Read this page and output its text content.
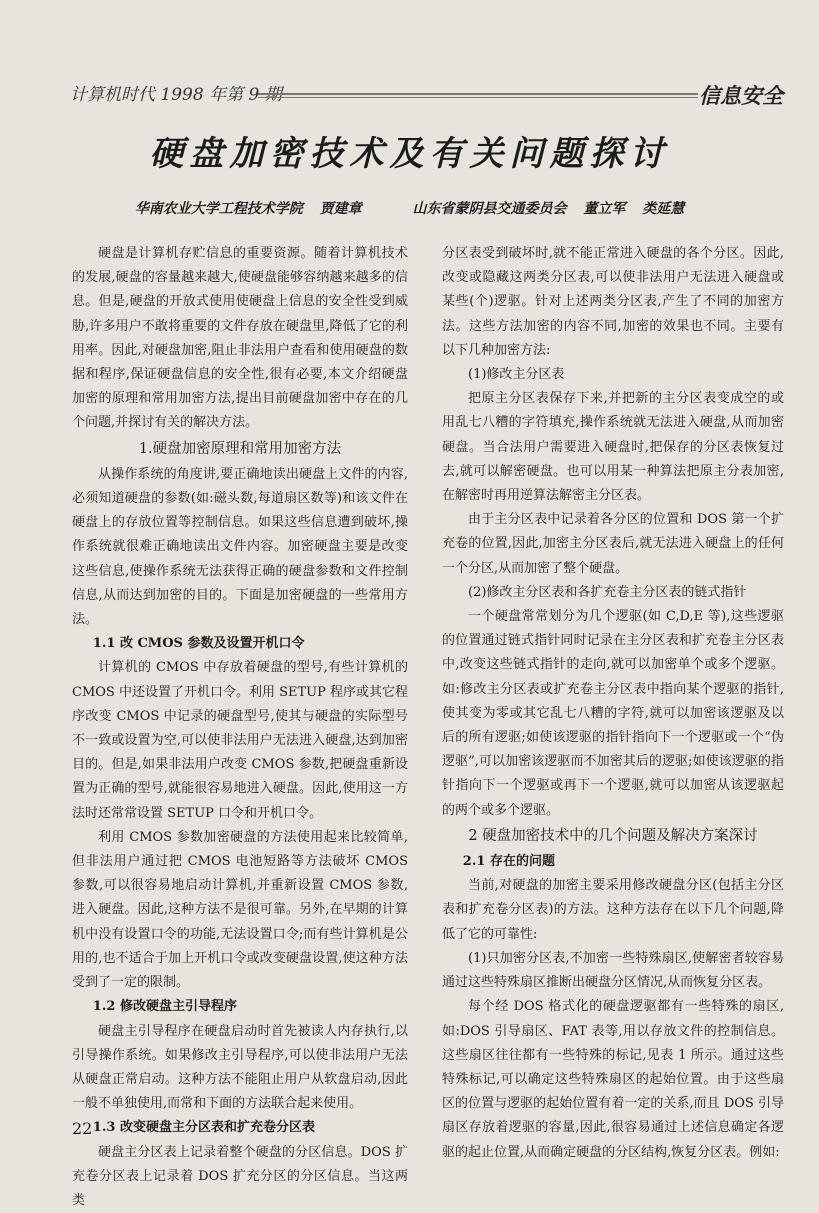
计算机时代 1998 年第 9 期	信息安全
硬盘加密技术及有关问题探讨
华南农业大学工程技术学院 贾建章	山东省蒙阴县交通委员会 董立军 类延慧

硬盘是计算机存贮信息的重要资源。随着计算机技术的发展,硬盘的容量越来越大,使硬盘能够容纳越来越多的信息。但是,硬盘的开放式使用使硬盘上信息的安全性受到威胁,许多用户不敢将重要的文件存放在硬盘里,降低了它的利用率。因此,对硬盘加密,阻止非法用户查看和使用硬盘的数据和程序,保证硬盘信息的安全性,很有必要,本文介绍硬盘加密的原理和常用加密方法,提出目前硬盘加密中存在的几个问题,并探讨有关的解决方法。

1.硬盘加密原理和常用加密方法

从操作系统的角度讲,要正确地读出硬盘上文件的内容,必须知道硬盘的参数(如:磁头数,每道扇区数等)和该文件在硬盘上的存放位置等控制信息。如果这些信息遭到破坏,操作系统就很难正确地读出文件内容。加密硬盘主要是改变这些信息,使操作系统无法获得正确的硬盘参数和文件控制信息,从而达到加密的目的。下面是加密硬盘的一些常用方法。

1.1 改 CMOS 参数及设置开机口令

计算机的 CMOS 中存放着硬盘的型号,有些计算机的 CMOS 中还设置了开机口令。利用 SETUP 程序或其它程序改变 CMOS 中记录的硬盘型号,使其与硬盘的实际型号不一致或设置为空,可以使非法用户无法进入硬盘,达到加密目的。但是,如果非法用户改变 CMOS 参数,把硬盘重新设置为正确的型号,就能很容易地进入硬盘。因此,使用这一方法时还常常设置 SETUP 口令和开机口令。

利用 CMOS 参数加密硬盘的方法使用起来比较简单,但非法用户通过把 CMOS 电池短路等方法破坏 CMOS 参数,可以很容易地启动计算机,并重新设置 CMOS 参数,进入硬盘。因此,这种方法不是很可靠。另外,在早期的计算机中没有设置口令的功能,无法设置口令;而有些计算机是公用的,也不适合于加上开机口令或改变硬盘设置,使这种方法受到了一定的限制。

1.2 修改硬盘主引导程序

硬盘主引导程序在硬盘启动时首先被读人内存执行,以引导操作系统。如果修改主引导程序,可以使非法用户无法从硬盘正常启动。这种方法不能阻止用户从软盘启动,因此一般不单独使用,而常和下面的方法联合起来使用。

1.3 改变硬盘主分区表和扩充卷分区表

硬盘主分区表上记录着整个硬盘的分区信息。DOS 扩充卷分区表上记录着 DOS 扩充分区的分区信息。当这两类

分区表受到破坏时,就不能正常进入硬盘的各个分区。因此,改变或隐藏这两类分区表,可以使非法用户无法进入硬盘或某些(个)逻驱。针对上述两类分区表,产生了不同的加密方法。这些方法加密的内容不同,加密的效果也不同。主要有以下几种加密方法:

(1)修改主分区表

把原主分区表保存下来,并把新的主分区表变成空的或用乱七八糟的字符填充,操作系统就无法进入硬盘,从而加密硬盘。当合法用户需要进入硬盘时,把保存的分区表恢复过去,就可以解密硬盘。也可以用某一种算法把原主分表加密,在解密时再用逆算法解密主分区表。

由于主分区表中记录着各分区的位置和 DOS 第一个扩充卷的位置,因此,加密主分区表后,就无法进入硬盘上的任何一个分区,从而加密了整个硬盘。

(2)修改主分区表和各扩充卷主分区表的链式指针

一个硬盘常常划分为几个逻驱(如 C,D,E 等),这些逻驱的位置通过链式指针同时记录在主分区表和扩充卷主分区表中,改变这些链式指针的走向,就可以加密单个或多个逻驱。如:修改主分区表或扩充卷主分区表中指向某个逻驱的指针,使其变为零或其它乱七八糟的字符,就可以加密该逻驱及以后的所有逻驱;如使该逻驱的指针指向下一个逻驱或一个“伪逻驱”,可以加密该逻驱而不加密其后的逻驱;如使该逻驱的指针指向下一个逻驱或再下一个逻驱,就可以加密从该逻驱起的两个或多个逻驱。

2 硬盘加密技术中的几个问题及解决方案深讨
2.1 存在的问题

当前,对硬盘的加密主要采用修改硬盘分区(包括主分区表和扩充卷分区表)的方法。这种方法存在以下几个问题,降低了它的可靠性:

(1)只加密分区表,不加密一些特殊扇区,使解密者较容易通过这些特殊扇区推断出硬盘分区情况,从而恢复分区表。

每个经 DOS 格式化的硬盘逻驱都有一些特殊的扇区,如:DOS 引导扇区、FAT 表等,用以存放文件的控制信息。这些扇区往往都有一些特殊的标记,见表 1 所示。通过这些特殊标记,可以确定这些特殊扇区的起始位置。由于这些扇区的位置与逻驱的起始位置有着一定的关系,而且 DOS 引导扇区存放着逻驱的容量,因此,很容易通过上述信息确定各逻驱的起止位置,从而确定硬盘的分区结构,恢复分区表。例如:

22
